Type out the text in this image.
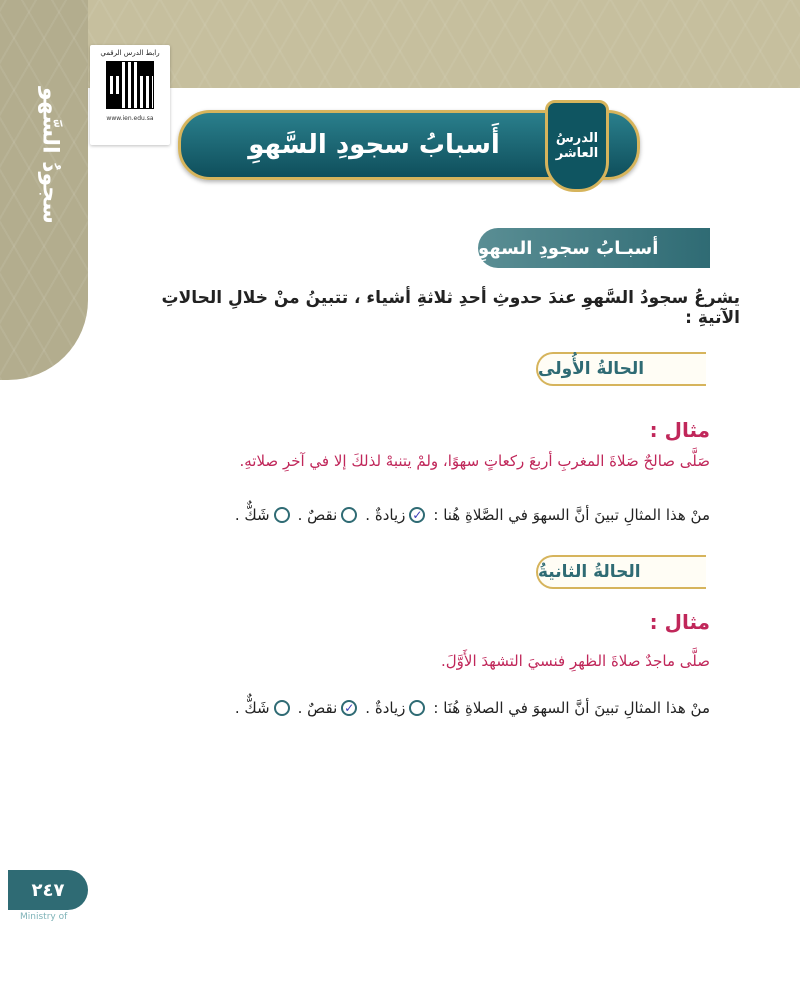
سجودُ السَّهو
رابط الدرس الرقمي
www.ien.edu.sa
أَسبابُ سجودِ السَّهوِ	الدرسُ
العاشر
أسبـابُ سجودِ السهوِ
يشرعُ سجودُ السَّهوِ عندَ حدوثِ أحدِ ثلاثةِ أشياء ، تتبينُ منْ خلالِ الحالاتِ الآتيةِ :
الحالةُ الأُولى
مثال :
صَلَّى صالحٌ صَلاةَ المغربِ أربعَ ركعاتٍ سهوًا، ولمْ يتنبهْ لذلكَ إلا في آخرِ صلاتهِ.
منْ هذا المثالِ تبينَ أنَّ السهوَ في الصَّلاةِ هُنا :
✓
زيادةٌ .
نقصٌ .
شَكٌّ .
الحالةُ الثانيةُ
مثال :
صلَّى ماجدٌ صلاةَ الظهرِ فنسيَ التشهدَ الأَوَّلَ.
منْ هذا المثالِ تبينَ أنَّ السهوَ في الصلاةِ هُنَا :
زيادةٌ .
✓
نقصٌ .
شَكٌّ .
٢٤٧
Ministry of
